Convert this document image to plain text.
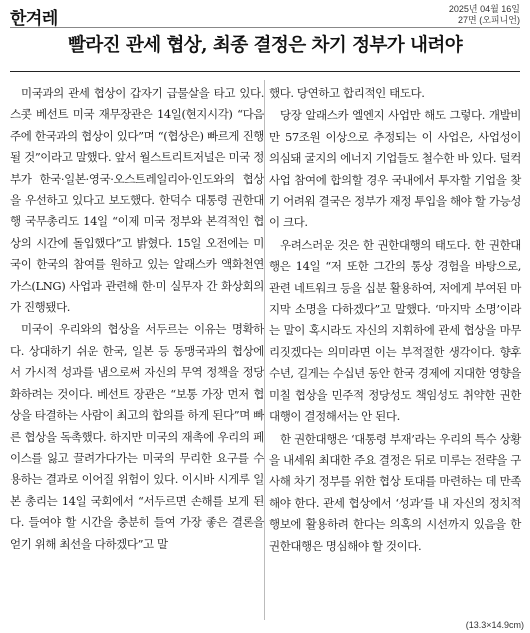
한겨레	2025년 04월 16일
27면 (오피니언)
빨라진 관세 협상, 최종 결정은 차기 정부가 내려야

미국과의 관세 협상이 갑자기 급물살을 타고 있다. 스콧 베선트 미국 재무장관은 14일(현지시각) “다음주에 한국과의 협상이 있다”며 “(협상은) 빠르게 진행될 것”이라고 말했다. 앞서 월스트리트저널은 미국 정부가 한국·일본·영국·오스트레일리아·인도와의 협상을 우선하고 있다고 보도했다. 한덕수 대통령 권한대행 국무총리도 14일 “이제 미국 정부와 본격적인 협상의 시간에 돌입했다”고 밝혔다. 15일 오전에는 미국이 한국의 참여를 원하고 있는 알래스카 액화천연가스(LNG) 사업과 관련해 한·미 실무자 간 화상회의가 진행됐다.

미국이 우리와의 협상을 서두르는 이유는 명확하다. 상대하기 쉬운 한국, 일본 등 동맹국과의 협상에서 가시적 성과를 냄으로써 자신의 무역 정책을 정당화하려는 것이다. 베선트 장관은 “보통 가장 먼저 협상을 타결하는 사람이 최고의 합의를 하게 된다”며 빠른 협상을 독촉했다. 하지만 미국의 재촉에 우리의 페이스를 잃고 끌려가다가는 미국의 무리한 요구를 수용하는 결과로 이어질 위험이 있다. 이시바 시게루 일본 총리는 14일 국회에서 “서두르면 손해를 보게 된다. 들여야 할 시간을 충분히 들여 가장 좋은 결론을 얻기 위해 최선을 다하겠다”고 말

했다. 당연하고 합리적인 태도다.

당장 알래스카 엘엔지 사업만 해도 그렇다. 개발비만 57조원 이상으로 추정되는 이 사업은, 사업성이 의심돼 굴지의 에너지 기업들도 철수한 바 있다. 덜컥 사업 참여에 합의할 경우 국내에서 투자할 기업을 찾기 어려워 결국은 정부가 재정 투입을 해야 할 가능성이 크다.

우려스러운 것은 한 권한대행의 태도다. 한 권한대행은 14일 “저 또한 그간의 통상 경험을 바탕으로, 관련 네트워크 등을 십분 활용하여, 저에게 부여된 마지막 소명을 다하겠다”고 말했다. ‘마지막 소명’이라는 말이 혹시라도 자신의 지휘하에 관세 협상을 마무리짓겠다는 의미라면 이는 부적절한 생각이다. 향후 수년, 길게는 수십년 동안 한국 경제에 지대한 영향을 미칠 협상을 민주적 정당성도 책임성도 취약한 권한대행이 결정해서는 안 된다.

한 권한대행은 ‘대통령 부재’라는 우리의 특수 상황을 내세워 최대한 주요 결정은 뒤로 미루는 전략을 구사해 차기 정부를 위한 협상 토대를 마련하는 데 만족해야 한다. 관세 협상에서 ‘성과’를 내 자신의 정치적 행보에 활용하려 한다는 의혹의 시선까지 있음을 한 권한대행은 명심해야 할 것이다.

(13.3×14.9cm)
